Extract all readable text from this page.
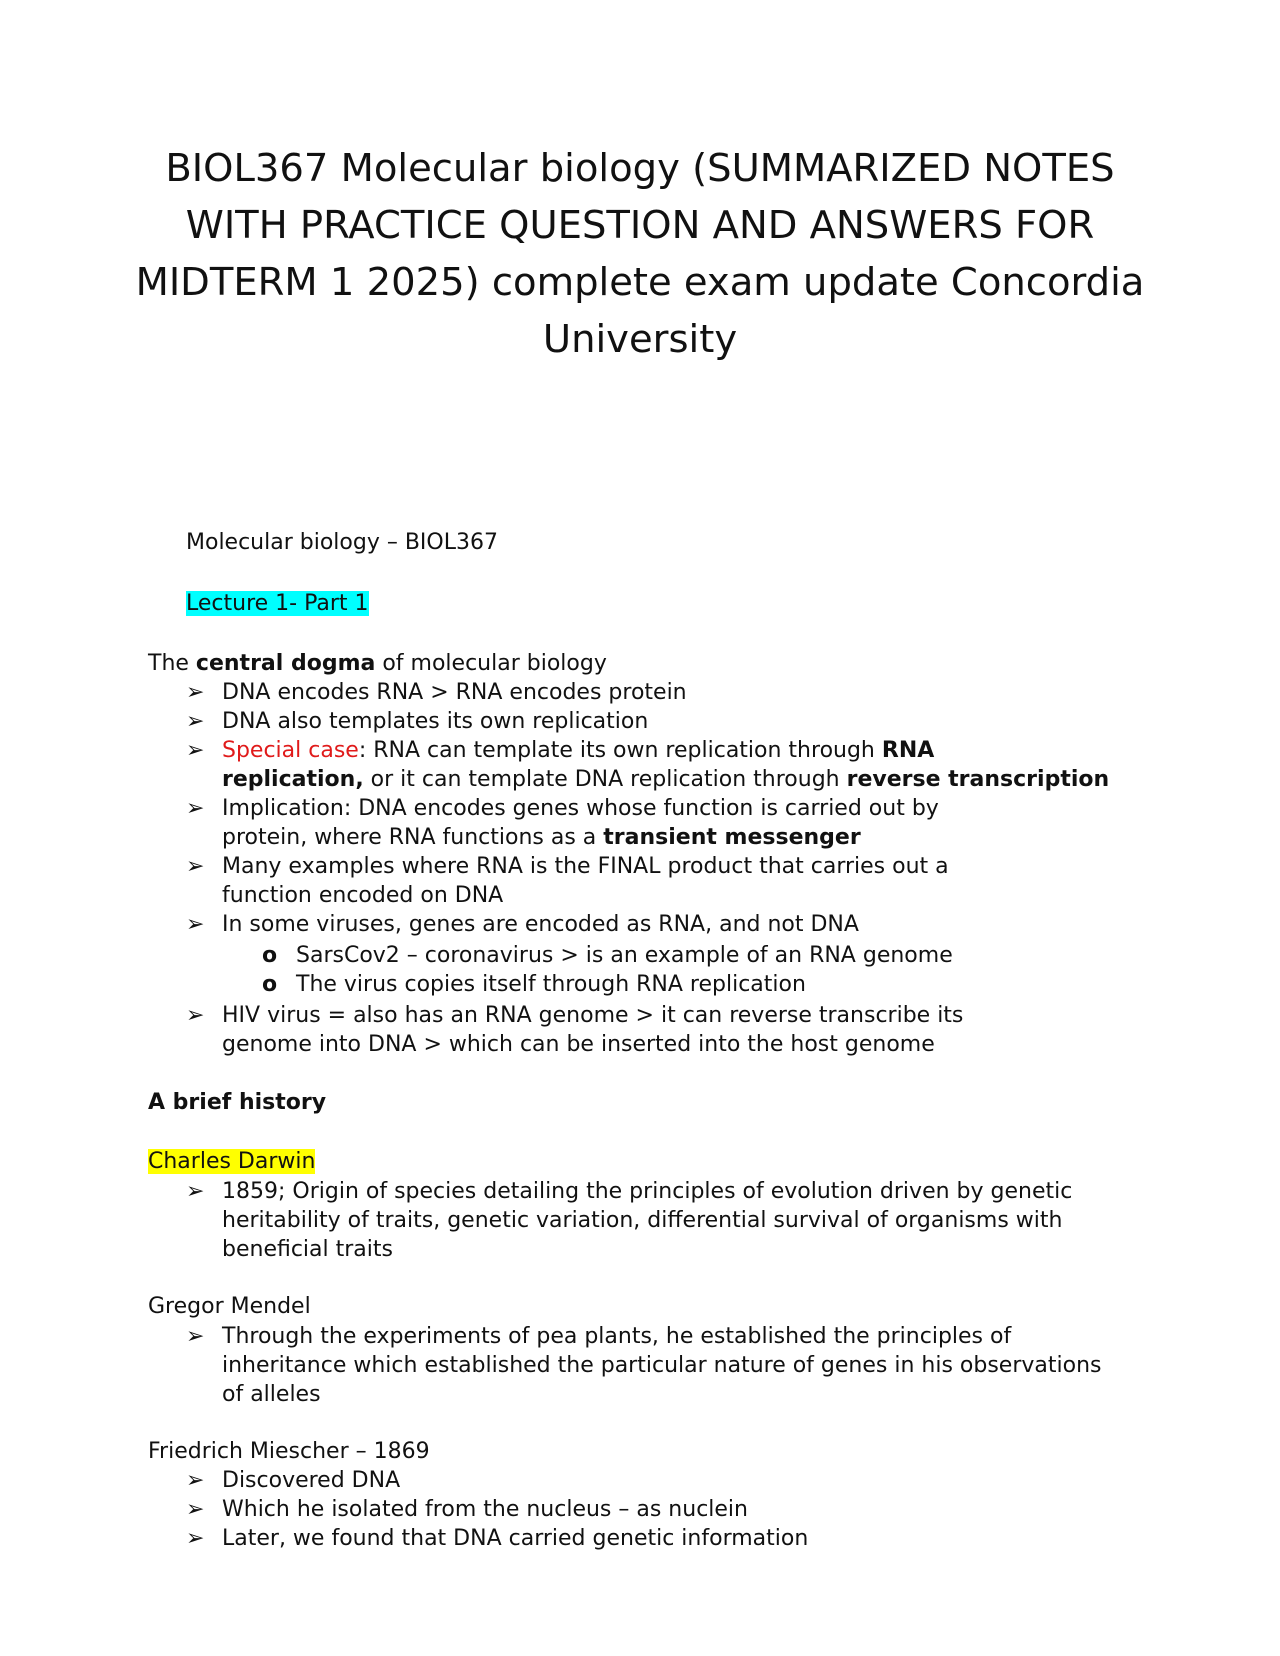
BIOL367 Molecular biology (SUMMARIZED NOTES WITH PRACTICE QUESTION AND ANSWERS FOR MIDTERM 1 2025) complete exam update Concordia University

Molecular biology – BIOL367

Lecture 1- Part 1

The central dogma of molecular biology

➢ DNA encodes RNA > RNA encodes protein

➢ DNA also templates its own replication

➢ Special case: RNA can template its own replication through RNA

replication, or it can template DNA replication through reverse transcription

➢ Implication: DNA encodes genes whose function is carried out by

protein, where RNA functions as a transient messenger

➢ Many examples where RNA is the FINAL product that carries out a

function encoded on DNA

➢ In some viruses, genes are encoded as RNA, and not DNA

o SarsCov2 – coronavirus > is an example of an RNA genome

o The virus copies itself through RNA replication

➢ HIV virus = also has an RNA genome > it can reverse transcribe its

genome into DNA > which can be inserted into the host genome

A brief history

Charles Darwin

➢ 1859; Origin of species detailing the principles of evolution driven by genetic

heritability of traits, genetic variation, differential survival of organisms with

beneficial traits

Gregor Mendel

➢ Through the experiments of pea plants, he established the principles of

inheritance which established the particular nature of genes in his observations

of alleles

Friedrich Miescher – 1869

➢ Discovered DNA

➢ Which he isolated from the nucleus – as nuclein

➢ Later, we found that DNA carried genetic information
